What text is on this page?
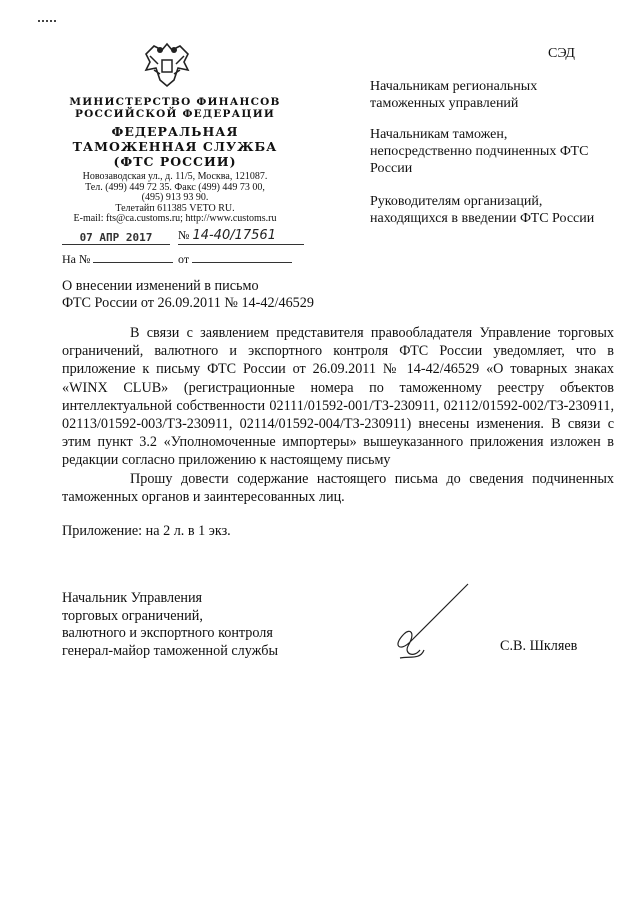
МИНИСТЕРСТВО ФИНАНСОВ
РОССИЙСКОЙ ФЕДЕРАЦИИ
ФЕДЕРАЛЬНАЯ
ТАМОЖЕННАЯ СЛУЖБА
(ФТС РОССИИ)
Новозаводская ул., д. 11/5, Москва, 121087.
Тел. (499) 449 72 35. Факс (499) 449 73 00,
(495) 913 93 90.
Телетайп 611385 VETO RU.
E-mail: fts@ca.customs.ru; http://www.customs.ru
07 АПР 2017	№ 14-40/17561
На №	от
СЭД
Начальникам региональных таможенных управлений
Начальникам таможен, непосредственно подчиненных ФТС России
Руководителям организаций, находящихся в введении ФТС России
О внесении изменений в письмо
ФТС России от 26.09.2011 № 14-42/46529
В связи с заявлением представителя правообладателя Управление торговых ограничений, валютного и экспортного контроля ФТС России уведомляет, что в приложение к письму ФТС России от 26.09.2011 № 14-42/46529 «О товарных знаках «WINX CLUB» (регистрационные номера по таможенному реестру объектов интеллектуальной собственности 02111/01592-001/ТЗ-230911, 02112/01592-002/ТЗ-230911, 02113/01592-003/ТЗ-230911, 02114/01592-004/ТЗ-230911) внесены изменения. В связи с этим пункт 3.2 «Уполномоченные импортеры» вышеуказанного приложения изложен в редакции согласно приложению к настоящему письму
Прошу довести содержание настоящего письма до сведения подчиненных таможенных органов и заинтересованных лиц.
Приложение: на 2 л. в 1 экз.
Начальник Управления
торговых ограничений,
валютного и экспортного контроля
генерал-майор таможенной службы	С.В. Шкляев
